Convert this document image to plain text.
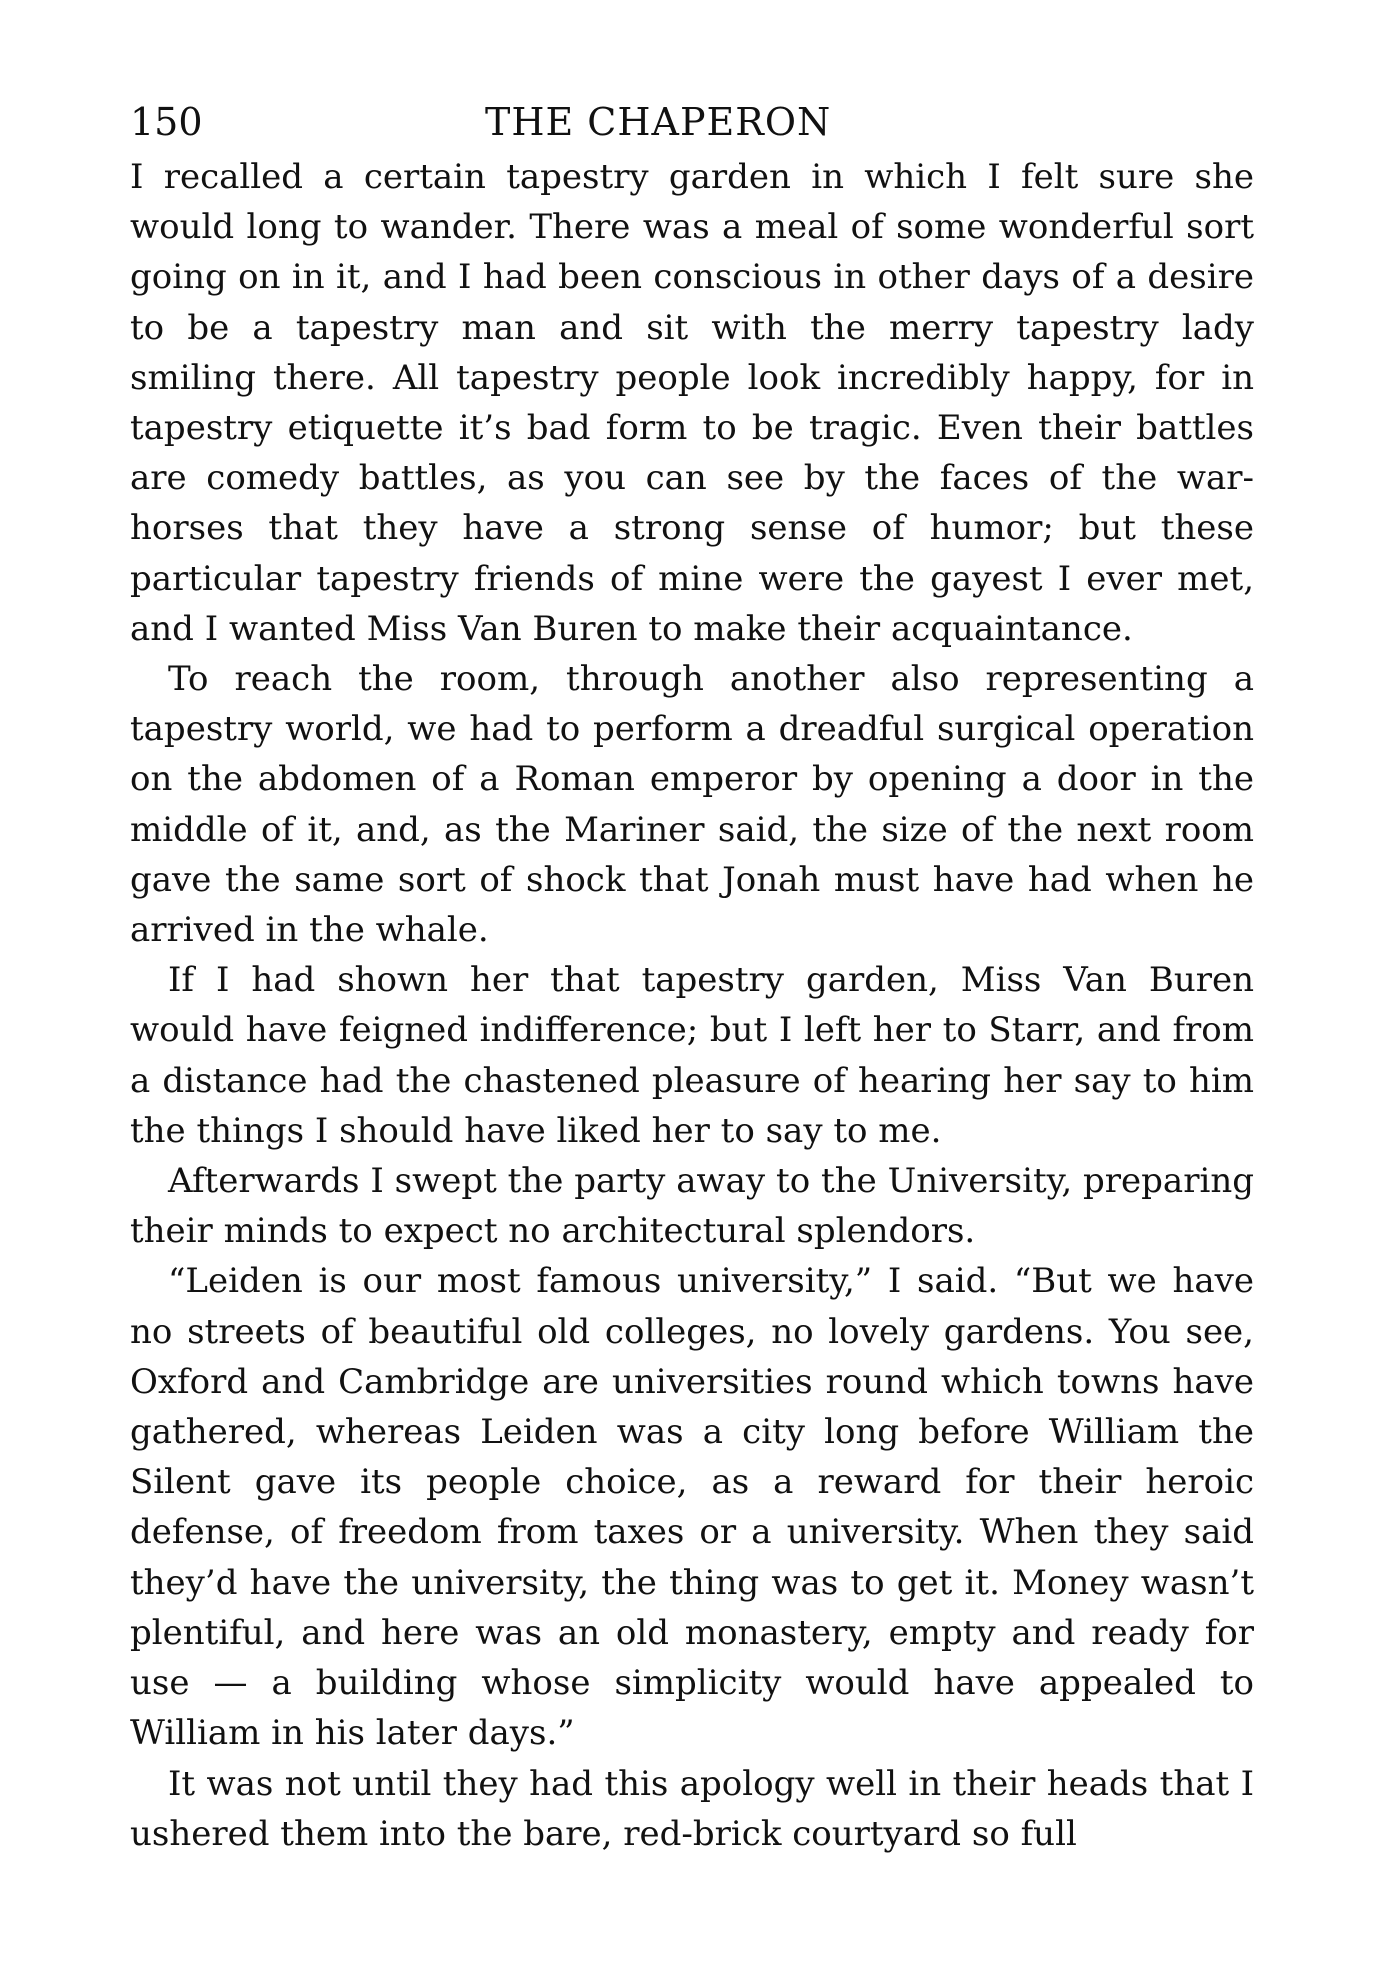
150	THE CHAPERON

I recalled a certain tapestry garden in which I felt sure she would long to wander. There was a meal of some wonderful sort going on in it, and I had been conscious in other days of a desire to be a tapestry man and sit with the merry tapestry lady smiling there. All tapestry people look incredibly happy, for in tapestry etiquette it’s bad form to be tragic. Even their battles are comedy battles, as you can see by the faces of the war-horses that they have a strong sense of humor; but these particular tapestry friends of mine were the gayest I ever met, and I wanted Miss Van Buren to make their acquaintance.

To reach the room, through another also representing a tapestry world, we had to perform a dreadful surgical operation on the abdomen of a Roman emperor by opening a door in the middle of it, and, as the Mariner said, the size of the next room gave the same sort of shock that Jonah must have had when he arrived in the whale.

If I had shown her that tapestry garden, Miss Van Buren would have feigned indifference; but I left her to Starr, and from a distance had the chastened pleasure of hearing her say to him the things I should have liked her to say to me.

Afterwards I swept the party away to the University, preparing their minds to expect no architectural splendors.

“Leiden is our most famous university,” I said. “But we have no streets of beautiful old colleges, no lovely gardens. You see, Oxford and Cambridge are universities round which towns have gathered, whereas Leiden was a city long before William the Silent gave its people choice, as a reward for their heroic defense, of freedom from taxes or a university. When they said they’d have the university, the thing was to get it. Money wasn’t plentiful, and here was an old monastery, empty and ready for use — a building whose simplicity would have appealed to William in his later days.”

It was not until they had this apology well in their heads that I ushered them into the bare, red-brick courtyard so full
